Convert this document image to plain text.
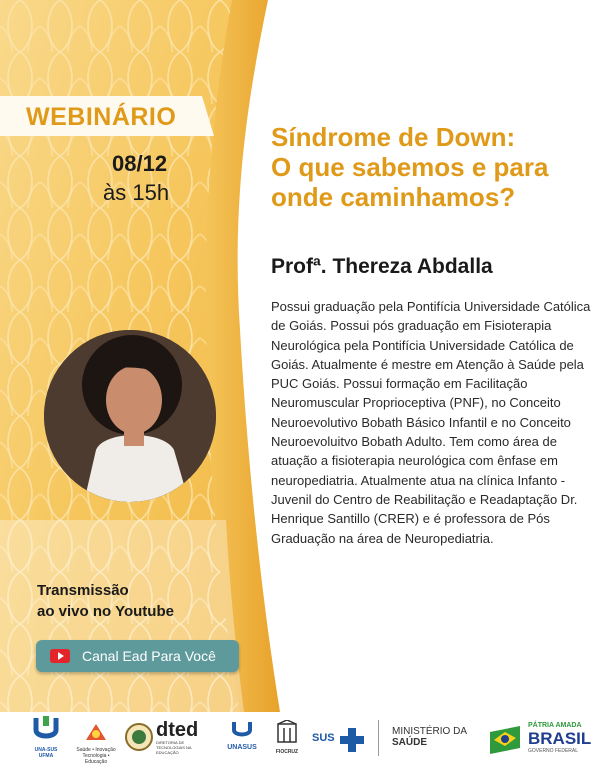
WEBINÁRIO
08/12
às 15h
Síndrome de Down:
O que sabemos e para
onde caminhamos?
Profª. Thereza Abdalla
Possui graduação pela Pontifícia Universidade Católica de Goiás. Possui pós graduação em Fisioterapia Neurológica pela Pontifícia Universidade Católica de Goiás. Atualmente é mestre em Atenção à Saúde pela PUC Goiás. Possui formação em Facilitação Neuromuscular Proprioceptiva (PNF), no Conceito Neuroevolutivo Bobath Básico Infantil e no Conceito Neuroevoluitvo Bobath Adulto. Tem como área de atuação a fisioterapia neurológica com ênfase em neuropediatria. Atualmente atua na clínica Infanto - Juvenil do Centro de Reabilitação e Readaptação Dr. Henrique Santillo (CRER) e é professora de Pós Graduação na área de Neuropediatria.
Transmissão
ao vivo no Youtube
Canal Ead Para Você
UNA-SUS UFMA
Saúde • Inovação
Tecnologia • Educação
dted
DIRETORIA DE TECNOLOGIAS NA EDUCAÇÃO
UNASUS
FIOCRUZ
SUS
MINISTÉRIO DA
SAÚDE
PÁTRIA AMADA
BRASIL
GOVERNO FEDERAL
